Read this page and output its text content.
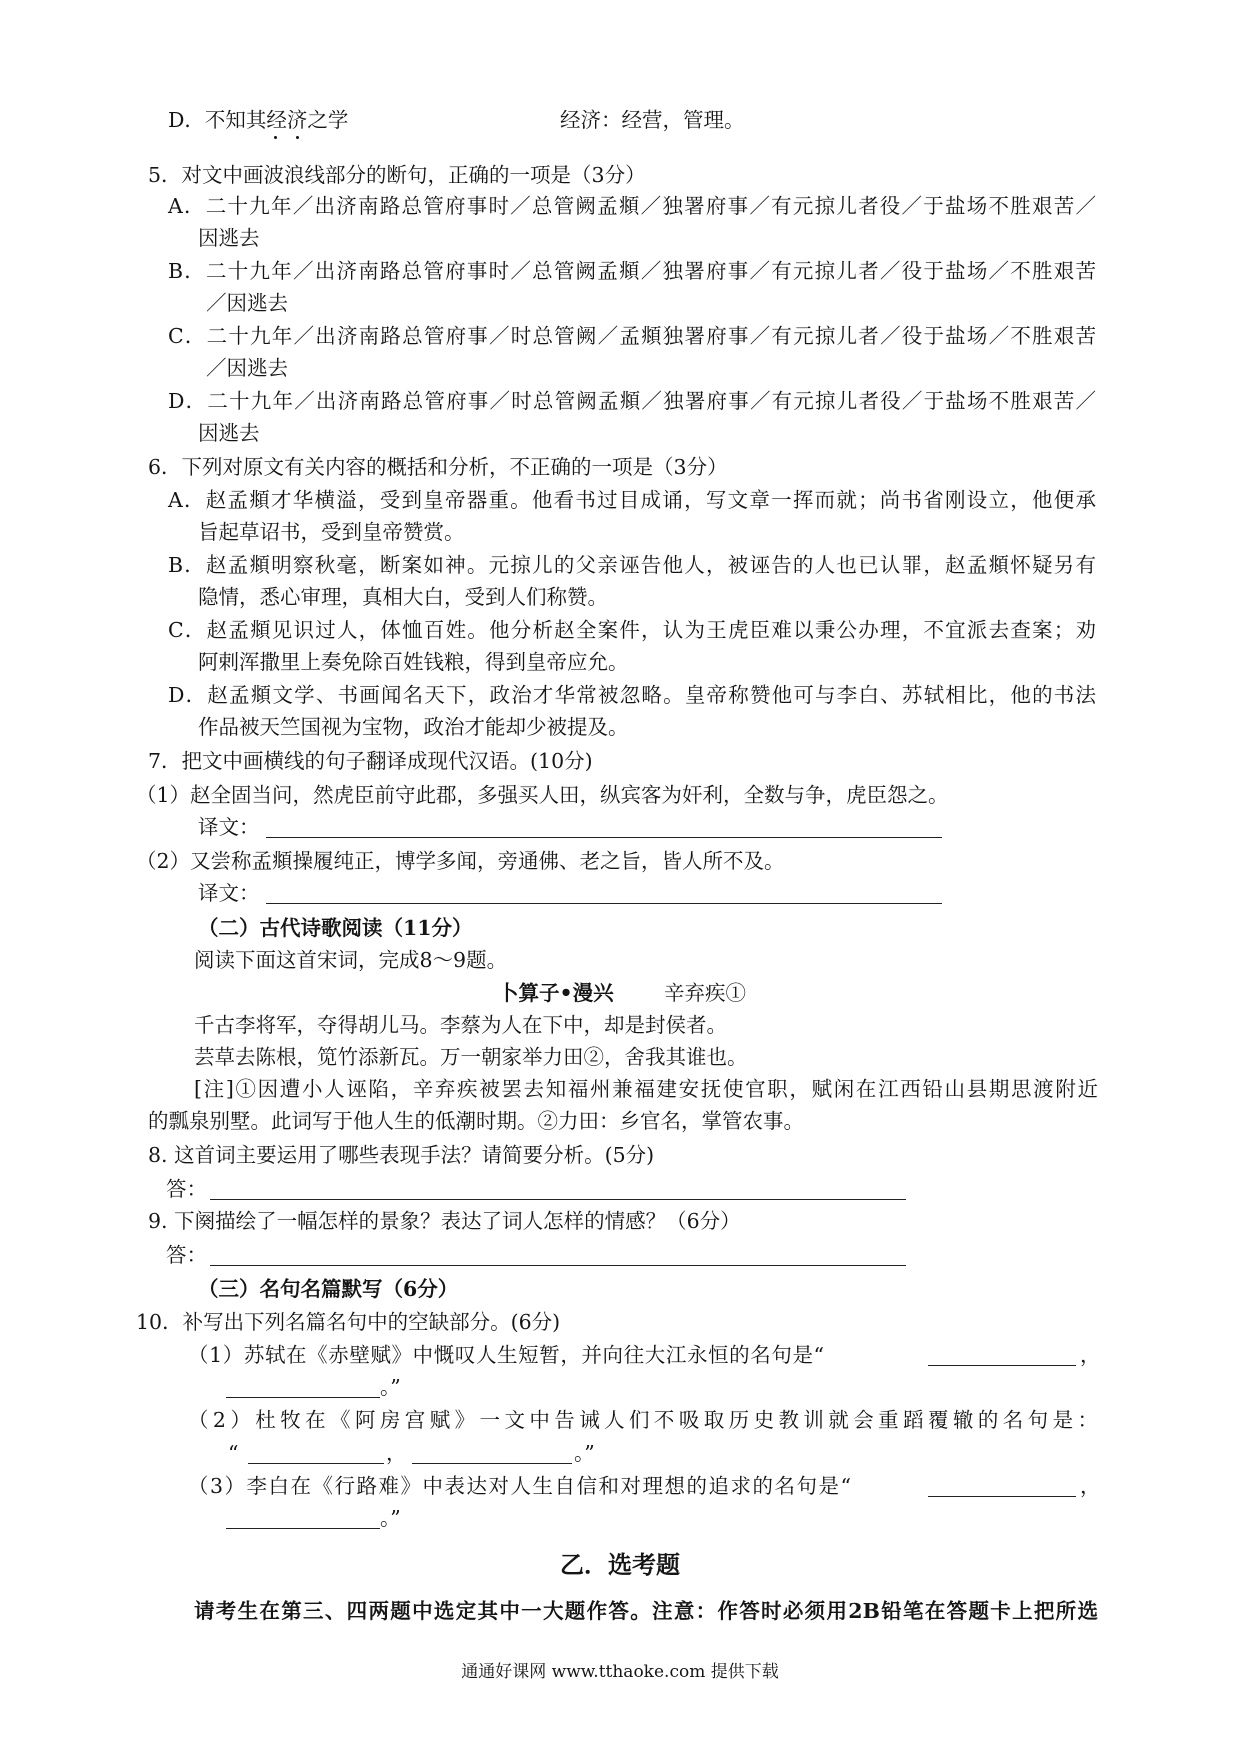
D．不知其经济之学	经济：经营，管理。
5．对文中画波浪线部分的断句，正确的一项是（3分）
A．二十九年／出济南路总管府事时／总管阙孟頫／独署府事／有元掠儿者役／于盐场不胜艰苦／
因逃去
B．二十九年／出济南路总管府事时／总管阙孟頫／独署府事／有元掠儿者／役于盐场／不胜艰苦
／因逃去
C．二十九年／出济南路总管府事／时总管阙／孟頫独署府事／有元掠儿者／役于盐场／不胜艰苦
／因逃去
D．二十九年／出济南路总管府事／时总管阙孟頫／独署府事／有元掠儿者役／于盐场不胜艰苦／
因逃去
6．下列对原文有关内容的概括和分析，不正确的一项是（3分）
A．赵孟頫才华横溢，受到皇帝器重。他看书过目成诵，写文章一挥而就；尚书省刚设立，他便承
旨起草诏书，受到皇帝赞赏。
B．赵孟頫明察秋毫，断案如神。元掠儿的父亲诬告他人，被诬告的人也已认罪，赵孟頫怀疑另有
隐情，悉心审理，真相大白，受到人们称赞。
C．赵孟頫见识过人，体恤百姓。他分析赵全案件，认为王虎臣难以秉公办理，不宜派去查案；劝
阿剌浑撒里上奏免除百姓钱粮，得到皇帝应允。
D．赵孟頫文学、书画闻名天下，政治才华常被忽略。皇帝称赞他可与李白、苏轼相比，他的书法
作品被天竺国视为宝物，政治才能却少被提及。
7．把文中画横线的句子翻译成现代汉语。(10分)
（1）赵全固当问，然虎臣前守此郡，多强买人田，纵宾客为奸利，全数与争，虎臣怨之。
译文：
（2）又尝称孟頫操履纯正，博学多闻，旁通佛、老之旨，皆人所不及。
译文：
（二）古代诗歌阅读（11分）
阅读下面这首宋词，完成8～9题。
卜算子•漫兴 辛弃疾①
千古李将军，夺得胡儿马。李蔡为人在下中，却是封侯者。
芸草去陈根，笕竹添新瓦。万一朝家举力田②，舍我其谁也。
[注]①因遭小人诬陷，辛弃疾被罢去知福州兼福建安抚使官职，赋闲在江西铅山县期思渡附近
的瓢泉别墅。此词写于他人生的低潮时期。②力田：乡官名，掌管农事。
8. 这首词主要运用了哪些表现手法？请简要分析。(5分)
答：
9. 下阕描绘了一幅怎样的景象？表达了词人怎样的情感？（6分）
答：
（三）名句名篇默写（6分）
10．补写出下列名篇名句中的空缺部分。(6分)
（1）苏轼在《赤壁赋》中慨叹人生短暂，并向往大江永恒的名句是“	，
。”
（2）杜牧在《阿房宫赋》一文中告诫人们不吸取历史教训就会重蹈覆辙的名句是：
“	，	。”
（3）李白在《行路难》中表达对人生自信和对理想的追求的名句是“	，
。”
乙．选考题
请考生在第三、四两题中选定其中一大题作答。注意：作答时必须用2B铅笔在答题卡上把所选
通通好课网 www.tthaoke.com 提供下载
